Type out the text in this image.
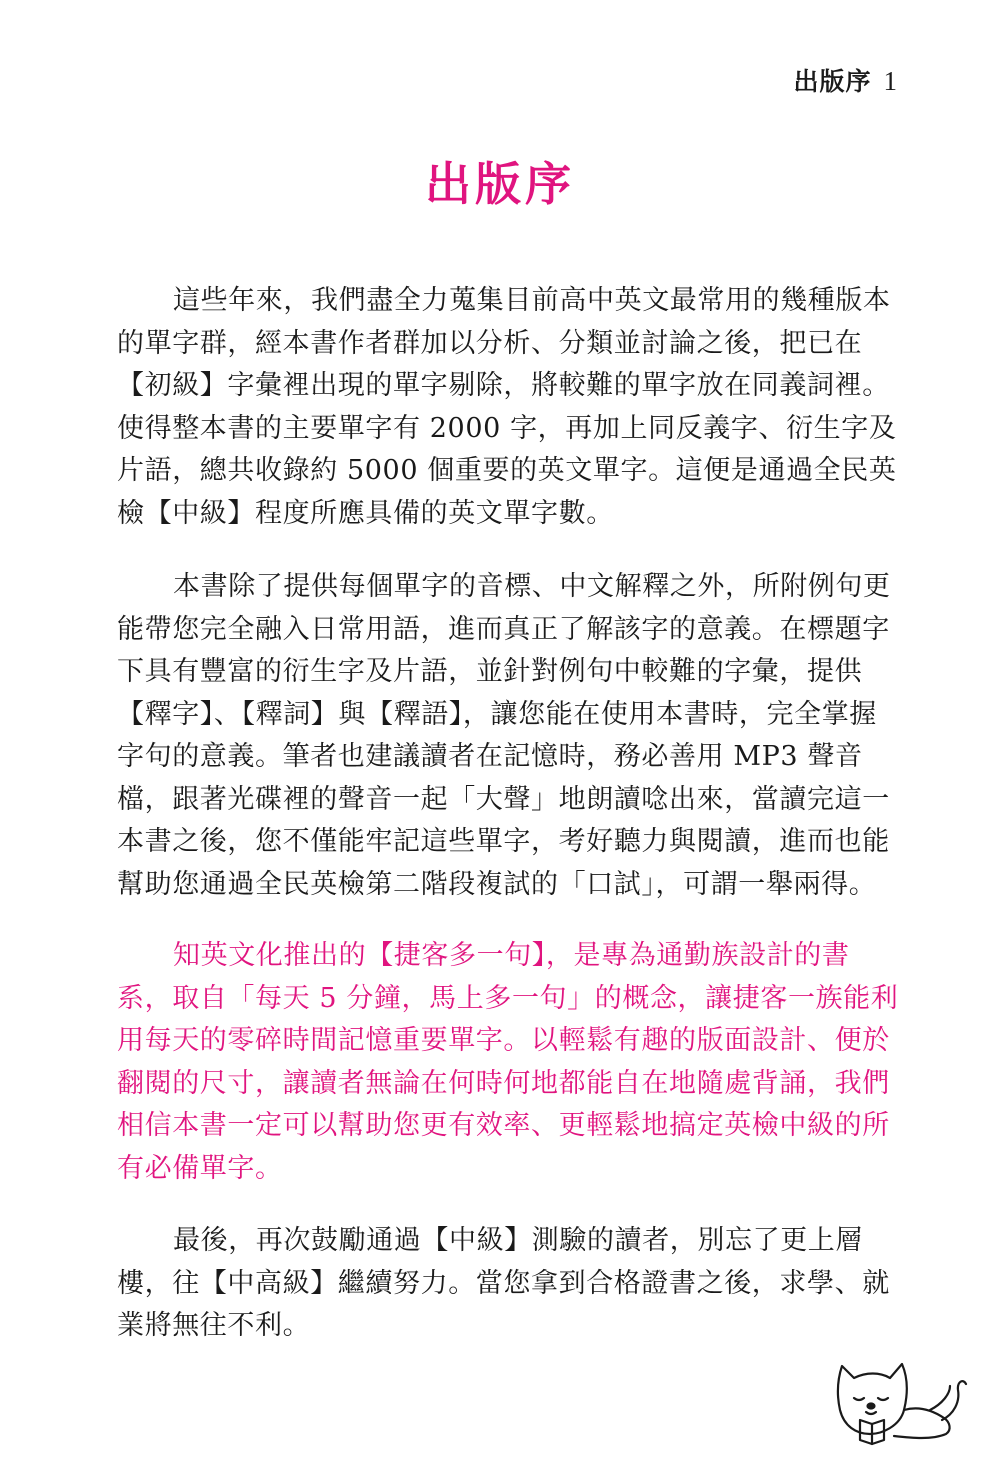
出版序 1
出版序

這些年來，我們盡全力蒐集目前高中英文最常用的幾種版本
的單字群，經本書作者群加以分析、分類並討論之後，把已在
【初級】字彙裡出現的單字剔除，將較難的單字放在同義詞裡。
使得整本書的主要單字有 2000 字，再加上同反義字、衍生字及
片語，總共收錄約 5000 個重要的英文單字。這便是通過全民英
檢【中級】程度所應具備的英文單字數。

本書除了提供每個單字的音標、中文解釋之外，所附例句更
能帶您完全融入日常用語，進而真正了解該字的意義。在標題字
下具有豐富的衍生字及片語，並針對例句中較難的字彙，提供
【釋字】、【釋詞】與【釋語】，讓您能在使用本書時，完全掌握
字句的意義。筆者也建議讀者在記憶時，務必善用 MP3 聲音
檔，跟著光碟裡的聲音一起「大聲」地朗讀唸出來，當讀完這一
本書之後，您不僅能牢記這些單字，考好聽力與閱讀，進而也能
幫助您通過全民英檢第二階段複試的「口試」，可謂一舉兩得。

知英文化推出的【捷客多一句】，是專為通勤族設計的書
系，取自「每天 5 分鐘，馬上多一句」的概念，讓捷客一族能利
用每天的零碎時間記憶重要單字。以輕鬆有趣的版面設計、便於
翻閱的尺寸，讓讀者無論在何時何地都能自在地隨處背誦，我們
相信本書一定可以幫助您更有效率、更輕鬆地搞定英檢中級的所
有必備單字。

最後，再次鼓勵通過【中級】測驗的讀者，別忘了更上層
樓，往【中高級】繼續努力。當您拿到合格證書之後，求學、就
業將無往不利。
